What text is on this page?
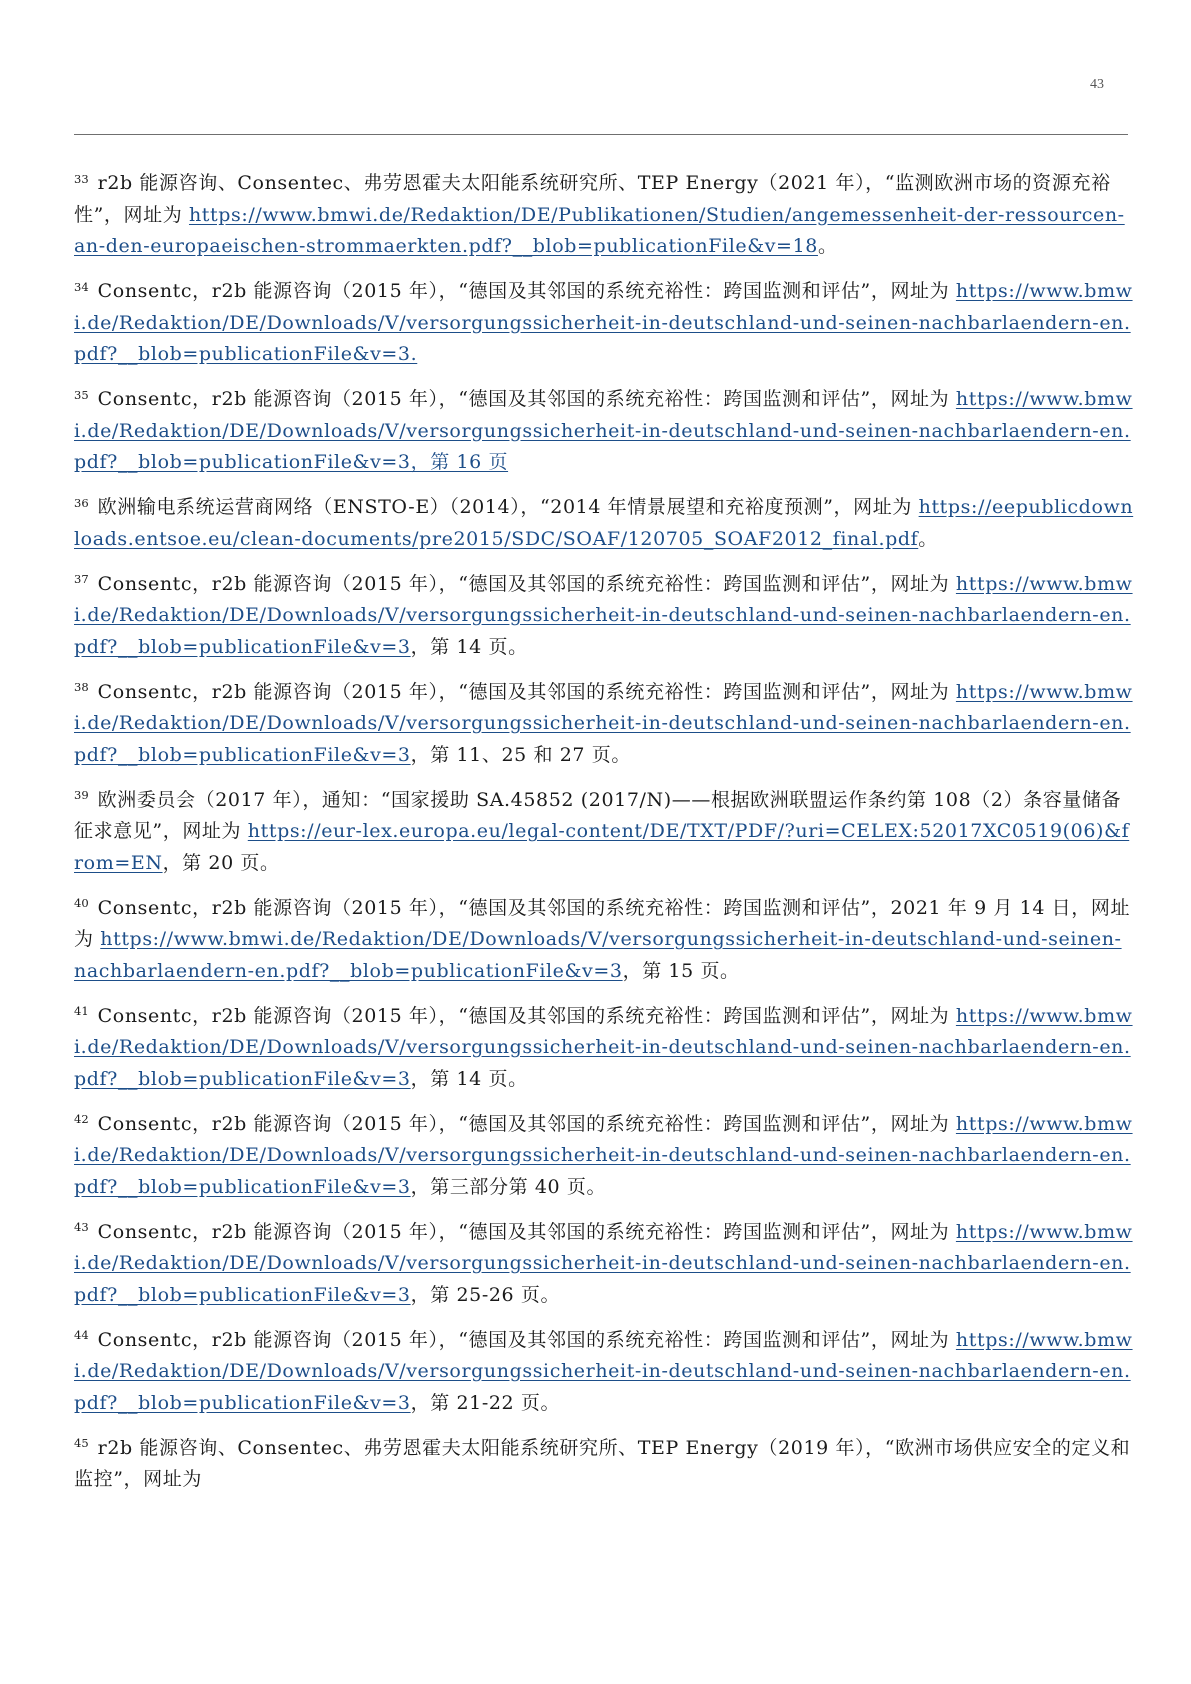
43

$^{33}$ r2b 能源咨询、Consentec、弗劳恩霍夫太阳能系统研究所、TEP Energy（2021 年），“监测欧洲市场的资源充裕性”，网址为 https://www.bmwi.de/Redaktion/DE/Publikationen/Studien/angemessenheit-der-ressourcen-an-den-europaeischen-strommaerkten.pdf?__blob=publicationFile&v=18。

$^{34}$ Consentc，r2b 能源咨询（2015 年），“德国及其邻国的系统充裕性：跨国监测和评估”，网址为 https://www.bmwi.de/Redaktion/DE/Downloads/V/versorgungssicherheit-in-deutschland-und-seinen-nachbarlaendern-en.pdf?__blob=publicationFile&v=3.

$^{35}$ Consentc，r2b 能源咨询（2015 年），“德国及其邻国的系统充裕性：跨国监测和评估”，网址为 https://www.bmwi.de/Redaktion/DE/Downloads/V/versorgungssicherheit-in-deutschland-und-seinen-nachbarlaendern-en.pdf?__blob=publicationFile&v=3，第 16 页

$^{36}$ 欧洲输电系统运营商网络（ENSTO-E）（2014），“2014 年情景展望和充裕度预测”，网址为 https://eepublicdownloads.entsoe.eu/clean-documents/pre2015/SDC/SOAF/120705_SOAF2012_final.pdf。

$^{37}$ Consentc，r2b 能源咨询（2015 年），“德国及其邻国的系统充裕性：跨国监测和评估”，网址为 https://www.bmwi.de/Redaktion/DE/Downloads/V/versorgungssicherheit-in-deutschland-und-seinen-nachbarlaendern-en.pdf?__blob=publicationFile&v=3，第 14 页。

$^{38}$ Consentc，r2b 能源咨询（2015 年），“德国及其邻国的系统充裕性：跨国监测和评估”，网址为 https://www.bmwi.de/Redaktion/DE/Downloads/V/versorgungssicherheit-in-deutschland-und-seinen-nachbarlaendern-en.pdf?__blob=publicationFile&v=3，第 11、25 和 27 页。

$^{39}$ 欧洲委员会（2017 年），通知：“国家援助 SA.45852 (2017/N)——根据欧洲联盟运作条约第 108（2）条容量储备征求意见”，网址为 https://eur-lex.europa.eu/legal-content/DE/TXT/PDF/?uri=CELEX:52017XC0519(06)&from=EN，第 20 页。

$^{40}$ Consentc，r2b 能源咨询（2015 年），“德国及其邻国的系统充裕性：跨国监测和评估”，2021 年 9 月 14 日，网址为 https://www.bmwi.de/Redaktion/DE/Downloads/V/versorgungssicherheit-in-deutschland-und-seinen-nachbarlaendern-en.pdf?__blob=publicationFile&v=3，第 15 页。

$^{41}$ Consentc，r2b 能源咨询（2015 年），“德国及其邻国的系统充裕性：跨国监测和评估”，网址为 https://www.bmwi.de/Redaktion/DE/Downloads/V/versorgungssicherheit-in-deutschland-und-seinen-nachbarlaendern-en.pdf?__blob=publicationFile&v=3，第 14 页。

$^{42}$ Consentc，r2b 能源咨询（2015 年），“德国及其邻国的系统充裕性：跨国监测和评估”，网址为 https://www.bmwi.de/Redaktion/DE/Downloads/V/versorgungssicherheit-in-deutschland-und-seinen-nachbarlaendern-en.pdf?__blob=publicationFile&v=3，第三部分第 40 页。

$^{43}$ Consentc，r2b 能源咨询（2015 年），“德国及其邻国的系统充裕性：跨国监测和评估”，网址为 https://www.bmwi.de/Redaktion/DE/Downloads/V/versorgungssicherheit-in-deutschland-und-seinen-nachbarlaendern-en.pdf?__blob=publicationFile&v=3，第 25-26 页。

$^{44}$ Consentc，r2b 能源咨询（2015 年），“德国及其邻国的系统充裕性：跨国监测和评估”，网址为 https://www.bmwi.de/Redaktion/DE/Downloads/V/versorgungssicherheit-in-deutschland-und-seinen-nachbarlaendern-en.pdf?__blob=publicationFile&v=3，第 21-22 页。

$^{45}$ r2b 能源咨询、Consentec、弗劳恩霍夫太阳能系统研究所、TEP Energy（2019 年），“欧洲市场供应安全的定义和监控”，网址为
